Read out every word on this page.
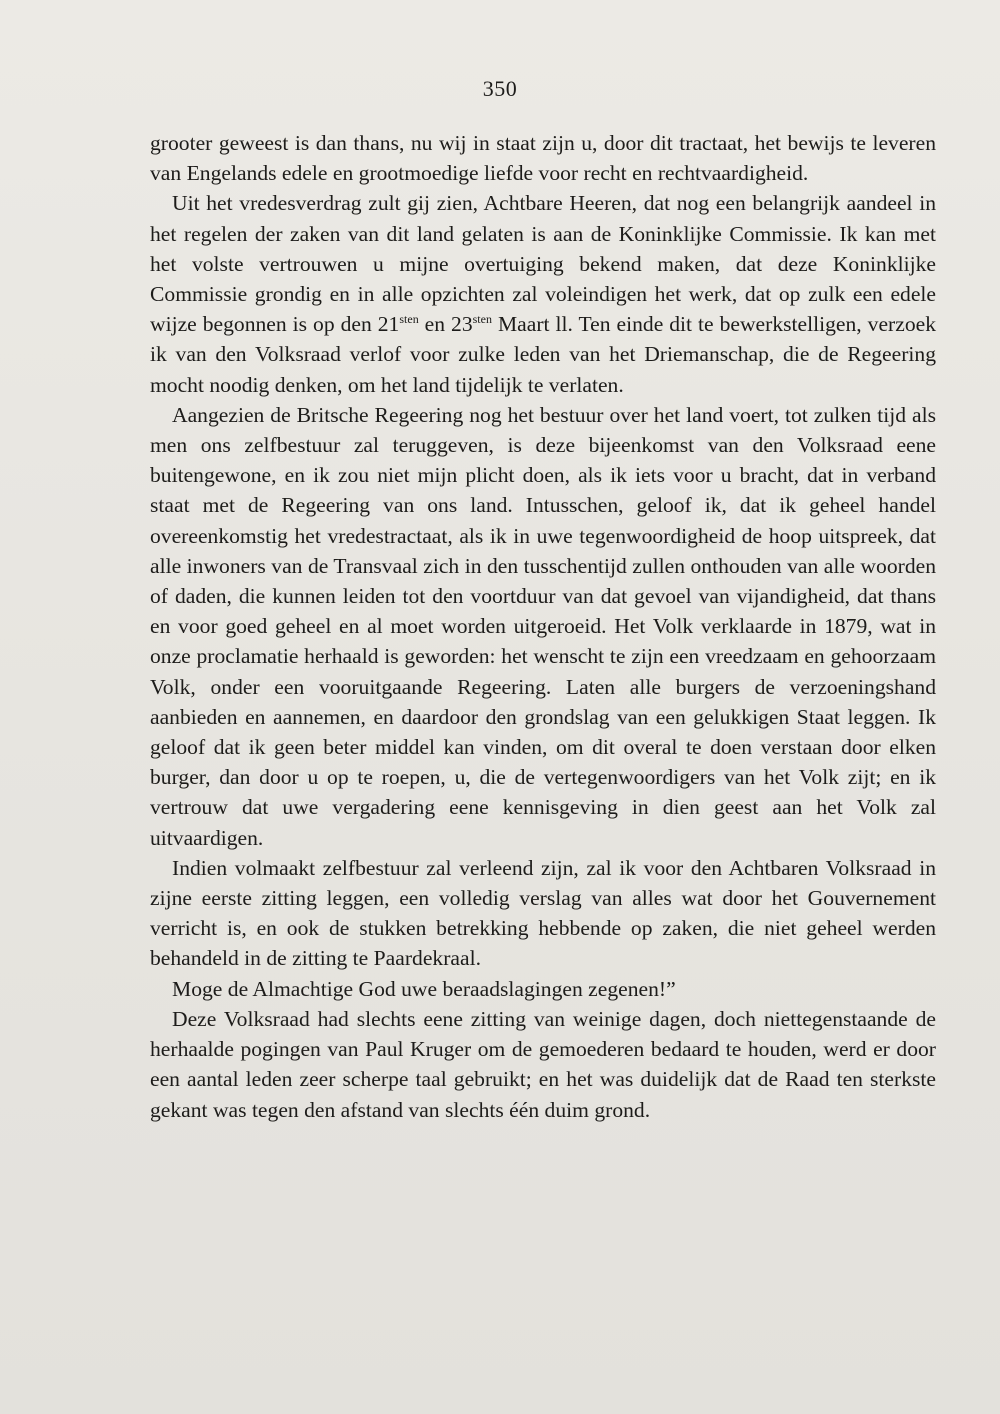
350

grooter geweest is dan thans, nu wij in staat zijn u, door dit tractaat, het bewijs te leveren van Engelands edele en grootmoedige liefde voor recht en rechtvaardigheid.

Uit het vredesverdrag zult gij zien, Achtbare Heeren, dat nog een belangrijk aandeel in het regelen der zaken van dit land gelaten is aan de Koninklijke Commissie. Ik kan met het volste vertrouwen u mijne overtuiging bekend maken, dat deze Koninklijke Commissie grondig en in alle opzichten zal voleindigen het werk, dat op zulk een edele wijze begonnen is op den $21^{sten}$ en $23^{sten}$ Maart ll. Ten einde dit te bewerkstelligen, verzoek ik van den Volksraad verlof voor zulke leden van het Driemanschap, die de Regeering mocht noodig denken, om het land tijdelijk te verlaten.

Aangezien de Britsche Regeering nog het bestuur over het land voert, tot zulken tijd als men ons zelfbestuur zal teruggeven, is deze bijeenkomst van den Volksraad eene buitengewone, en ik zou niet mijn plicht doen, als ik iets voor u bracht, dat in verband staat met de Regeering van ons land. Intusschen, geloof ik, dat ik geheel handel overeenkomstig het vredestractaat, als ik in uwe tegenwoordigheid de hoop uitspreek, dat alle inwoners van de Transvaal zich in den tusschentijd zullen onthouden van alle woorden of daden, die kunnen leiden tot den voortduur van dat gevoel van vijandigheid, dat thans en voor goed geheel en al moet worden uitgeroeid. Het Volk verklaarde in 1879, wat in onze proclamatie herhaald is geworden: het wenscht te zijn een vreedzaam en gehoorzaam Volk, onder een vooruitgaande Regeering. Laten alle burgers de verzoeningshand aanbieden en aannemen, en daardoor den grondslag van een gelukkigen Staat leggen. Ik geloof dat ik geen beter middel kan vinden, om dit overal te doen verstaan door elken burger, dan door u op te roepen, u, die de vertegenwoordigers van het Volk zijt; en ik vertrouw dat uwe vergadering eene kennisgeving in dien geest aan het Volk zal uitvaardigen.

Indien volmaakt zelfbestuur zal verleend zijn, zal ik voor den Achtbaren Volksraad in zijne eerste zitting leggen, een volledig verslag van alles wat door het Gouvernement verricht is, en ook de stukken betrekking hebbende op zaken, die niet geheel werden behandeld in de zitting te Paardekraal.

Moge de Almachtige God uwe beraadslagingen zegenen!”

Deze Volksraad had slechts eene zitting van weinige dagen, doch niettegenstaande de herhaalde pogingen van Paul Kruger om de gemoederen bedaard te houden, werd er door een aantal leden zeer scherpe taal gebruikt; en het was duidelijk dat de Raad ten sterkste gekant was tegen den afstand van slechts één duim grond.
